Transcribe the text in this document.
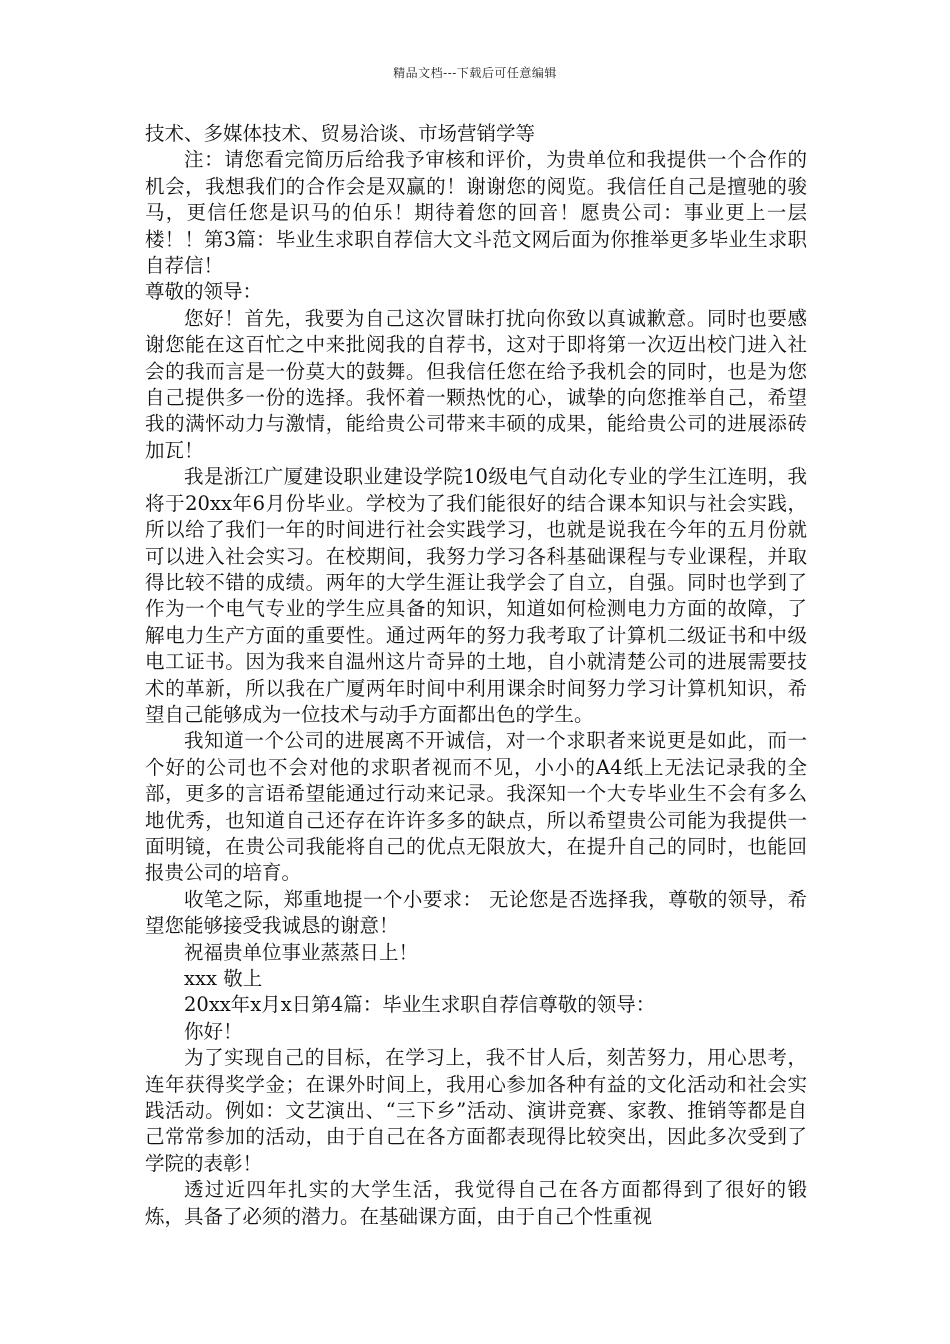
精品文档---下载后可任意编辑

技术、多媒体技术、贸易洽谈、市场营销学等

注：请您看完简历后给我予审核和评价，为贵单位和我提供一个合作的机会，我想我们的合作会是双赢的！谢谢您的阅览。我信任自己是擅驰的骏马，更信任您是识马的伯乐！期待着您的回音！愿贵公司：事业更上一层楼！！第3篇：毕业生求职自荐信大文斗范文网后面为你推举更多毕业生求职自荐信！

尊敬的领导：

您好！首先，我要为自己这次冒昧打扰向你致以真诚歉意。同时也要感谢您能在这百忙之中来批阅我的自荐书，这对于即将第一次迈出校门进入社会的我而言是一份莫大的鼓舞。但我信任您在给予我机会的同时，也是为您自己提供多一份的选择。我怀着一颗热忱的心，诚挚的向您推举自己，希望我的满怀动力与激情，能给贵公司带来丰硕的成果，能给贵公司的进展添砖加瓦！

我是浙江广厦建设职业建设学院10级电气自动化专业的学生江连明，我将于20xx年6月份毕业。学校为了我们能很好的结合课本知识与社会实践，所以给了我们一年的时间进行社会实践学习，也就是说我在今年的五月份就可以进入社会实习。在校期间，我努力学习各科基础课程与专业课程，并取得比较不错的成绩。两年的大学生涯让我学会了自立，自强。同时也学到了作为一个电气专业的学生应具备的知识，知道如何检测电力方面的故障，了解电力生产方面的重要性。通过两年的努力我考取了计算机二级证书和中级电工证书。因为我来自温州这片奇异的土地，自小就清楚公司的进展需要技术的革新，所以我在广厦两年时间中利用课余时间努力学习计算机知识，希望自己能够成为一位技术与动手方面都出色的学生。

我知道一个公司的进展离不开诚信，对一个求职者来说更是如此，而一个好的公司也不会对他的求职者视而不见，小小的A4纸上无法记录我的全部，更多的言语希望能通过行动来记录。我深知一个大专毕业生不会有多么地优秀，也知道自己还存在许许多多的缺点，所以希望贵公司能为我提供一面明镜，在贵公司我能将自己的优点无限放大，在提升自己的同时，也能回报贵公司的培育。

收笔之际，郑重地提一个小要求： 无论您是否选择我，尊敬的领导，希望您能够接受我诚恳的谢意！

祝福贵单位事业蒸蒸日上！

xxx 敬上

20xx年x月x日第4篇：毕业生求职自荐信尊敬的领导：

你好！

为了实现自己的目标，在学习上，我不甘人后，刻苦努力，用心思考，连年获得奖学金；在课外时间上，我用心参加各种有益的文化活动和社会实践活动。例如：文艺演出、“三下乡”活动、演讲竞赛、家教、推销等都是自己常常参加的活动，由于自己在各方面都表现得比较突出，因此多次受到了学院的表彰！

透过近四年扎实的大学生活，我觉得自己在各方面都得到了很好的锻炼，具备了必须的潜力。在基础课方面，由于自己个性重视
